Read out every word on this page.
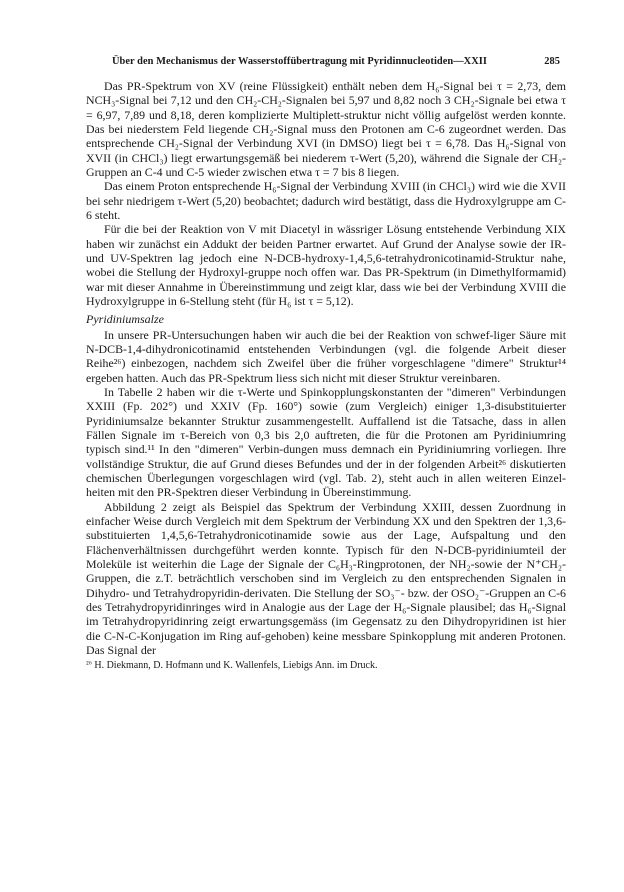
Über den Mechanismus der Wasserstoffübertragung mit Pyridinnucleotiden—XXII	285

Das PR-Spektrum von XV (reine Flüssigkeit) enthält neben dem H₆-Signal bei τ = 2,73, dem NCH₃-Signal bei 7,12 und den CH₂-CH₂-Signalen bei 5,97 und 8,82 noch 3 CH₂-Signale bei etwa τ = 6,97, 7,89 und 8,18, deren komplizierte Multiplett-struktur nicht völlig aufgelöst werden konnte. Das bei niederstem Feld liegende CH₂-Signal muss den Protonen am C-6 zugeordnet werden. Das entsprechende CH₂-Signal der Verbindung XVI (in DMSO) liegt bei τ = 6,78. Das H₆-Signal von XVII (in CHCl₃) liegt erwartungsgemäß bei niederem τ-Wert (5,20), während die Signale der CH₂-Gruppen an C-4 und C-5 wieder zwischen etwa τ = 7 bis 8 liegen.

Das einem Proton entsprechende H₆-Signal der Verbindung XVIII (in CHCl₃) wird wie die XVII bei sehr niedrigem τ-Wert (5,20) beobachtet; dadurch wird bestätigt, dass die Hydroxylgruppe am C-6 steht.

Für die bei der Reaktion von V mit Diacetyl in wässriger Lösung entstehende Verbindung XIX haben wir zunächst ein Addukt der beiden Partner erwartet. Auf Grund der Analyse sowie der IR- und UV-Spektren lag jedoch eine N-DCB-hydroxy-1,4,5,6-tetrahydronicotinamid-Struktur nahe, wobei die Stellung der Hydroxyl-gruppe noch offen war. Das PR-Spektrum (in Dimethylformamid) war mit dieser Annahme in Übereinstimmung und zeigt klar, dass wie bei der Verbindung XVIII die Hydroxylgruppe in 6-Stellung steht (für H₆ ist τ = 5,12).

Pyridiniumsalze

In unsere PR-Untersuchungen haben wir auch die bei der Reaktion von schwef-liger Säure mit N-DCB-1,4-dihydronicotinamid entstehenden Verbindungen (vgl. die folgende Arbeit dieser Reihe²⁶) einbezogen, nachdem sich Zweifel über die früher vorgeschlagene "dimere" Struktur¹⁴ ergeben hatten. Auch das PR-Spektrum liess sich nicht mit dieser Struktur vereinbaren.

In Tabelle 2 haben wir die τ-Werte und Spinkopplungskonstanten der "dimeren" Verbindungen XXIII (Fp. 202°) und XXIV (Fp. 160°) sowie (zum Vergleich) einiger 1,3-disubstituierter Pyridiniumsalze bekannter Struktur zusammengestellt. Auffallend ist die Tatsache, dass in allen Fällen Signale im τ-Bereich von 0,3 bis 2,0 auftreten, die für die Protonen am Pyridiniumring typisch sind.¹¹ In den "dimeren" Verbin-dungen muss demnach ein Pyridiniumring vorliegen. Ihre vollständige Struktur, die auf Grund dieses Befundes und der in der folgenden Arbeit²⁶ diskutierten chemischen Überlegungen vorgeschlagen wird (vgl. Tab. 2), steht auch in allen weiteren Einzel-heiten mit den PR-Spektren dieser Verbindung in Übereinstimmung.

Abbildung 2 zeigt als Beispiel das Spektrum der Verbindung XXIII, dessen Zuordnung in einfacher Weise durch Vergleich mit dem Spektrum der Verbindung XX und den Spektren der 1,3,6-substituierten 1,4,5,6-Tetrahydronicotinamide sowie aus der Lage, Aufspaltung und den Flächenverhältnissen durchgeführt werden konnte. Typisch für den N-DCB-pyridiniumteil der Moleküle ist weiterhin die Lage der Signale der C₆H₃-Ringprotonen, der NH₂-sowie der N⁺CH₂-Gruppen, die z.T. beträchtlich verschoben sind im Vergleich zu den entsprechenden Signalen in Dihydro- und Tetrahydropyridin-derivaten. Die Stellung der SO₃⁻- bzw. der OSO₂⁻-Gruppen an C-6 des Tetrahydropyridinringes wird in Analogie aus der Lage der H₆-Signale plausibel; das H₆-Signal im Tetrahydropyridinring zeigt erwartungsgemäss (im Gegensatz zu den Dihydropyridinen ist hier die C-N-C-Konjugation im Ring auf-gehoben) keine messbare Spinkopplung mit anderen Protonen. Das Signal der

²⁶ H. Diekmann, D. Hofmann und K. Wallenfels, Liebigs Ann. im Druck.
